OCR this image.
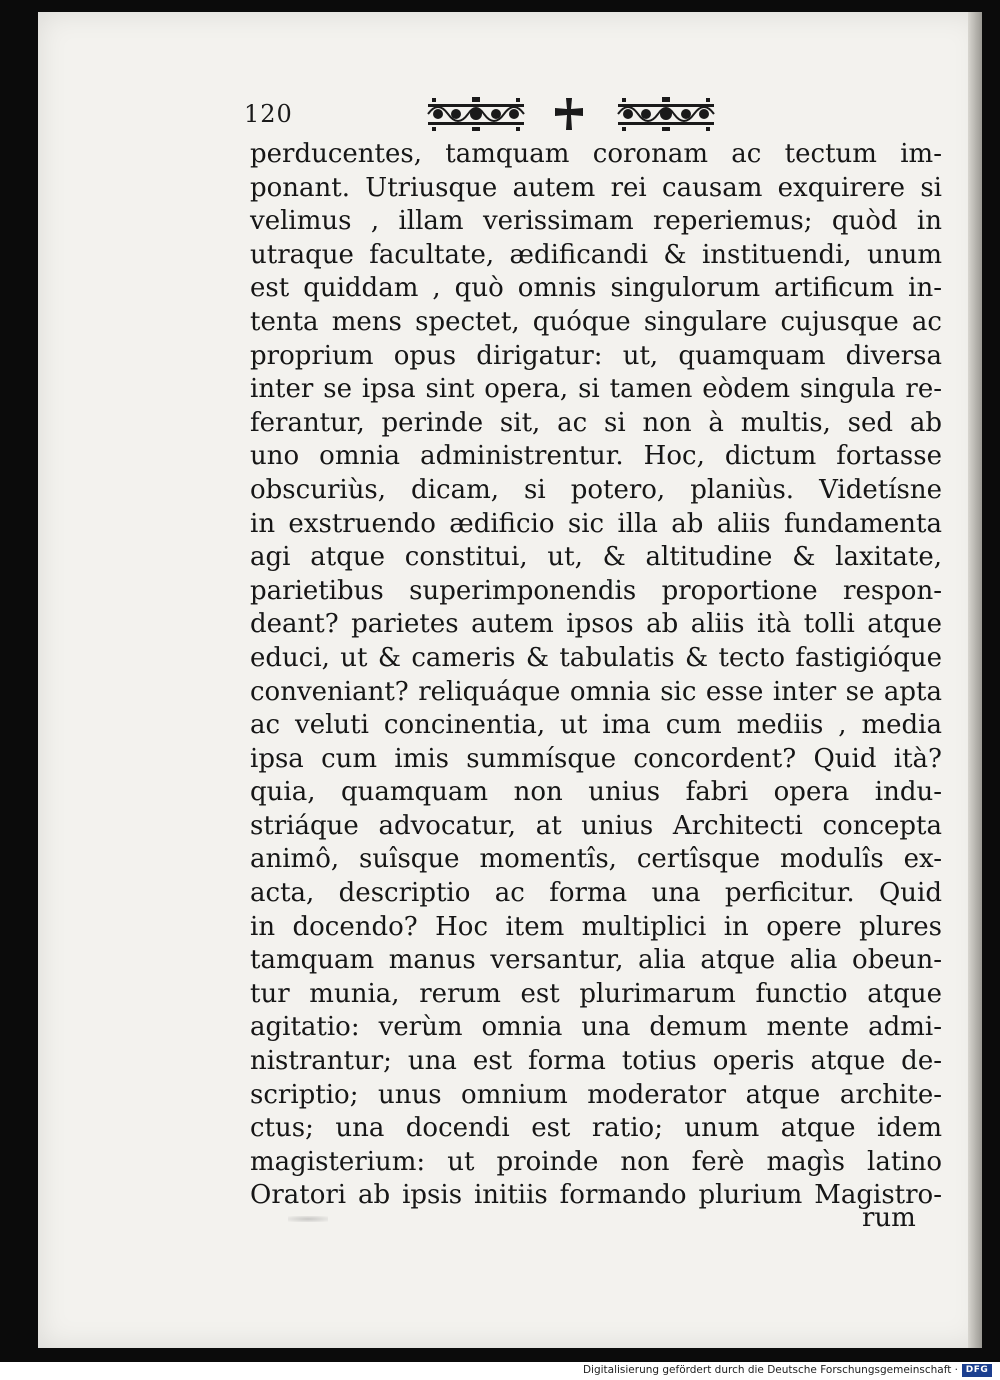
120
perducentes, tamquam coronam ac tectum im-
ponant. Utriusque autem rei causam exquirere si
velimus , illam verissimam reperiemus; quòd in
utraque facultate, ædificandi & instituendi, unum
est quiddam , quò omnis singulorum artificum in-
tenta mens spectet, quóque singulare cujusque ac
proprium opus dirigatur: ut, quamquam diversa
inter se ipsa sint opera, si tamen eòdem singula re-
ferantur, perinde sit, ac si non à multis, sed ab
uno omnia administrentur. Hoc, dictum fortasse
obscuriùs, dicam, si potero, planiùs. Videtísne
in exstruendo ædificio sic illa ab aliis fundamenta
agi atque constitui, ut, & altitudine & laxitate,
parietibus superimponendis proportione respon-
deant? parietes autem ipsos ab aliis ità tolli atque
educi, ut & cameris & tabulatis & tecto fastigióque
conveniant? reliquáque omnia sic esse inter se apta
ac veluti concinentia, ut ima cum mediis , media
ipsa cum imis summísque concordent? Quid ità?
quia, quamquam non unius fabri opera indu-
striáque advocatur, at unius Architecti concepta
animô, suîsque momentîs, certîsque modulîs ex-
acta, descriptio ac forma una perficitur. Quid
in docendo? Hoc item multiplici in opere plures
tamquam manus versantur, alia atque alia obeun-
tur munia, rerum est plurimarum functio atque
agitatio: verùm omnia una demum mente admi-
nistrantur; una est forma totius operis atque de-
scriptio; unus omnium moderator atque archite-
ctus; una docendi est ratio; unum atque idem
magisterium: ut proinde non ferè magìs latino
Oratori ab ipsis initiis formando plurium Magistro-
rum
Digitalisierung gefördert durch die Deutsche Forschungsgemeinschaft · DFG
